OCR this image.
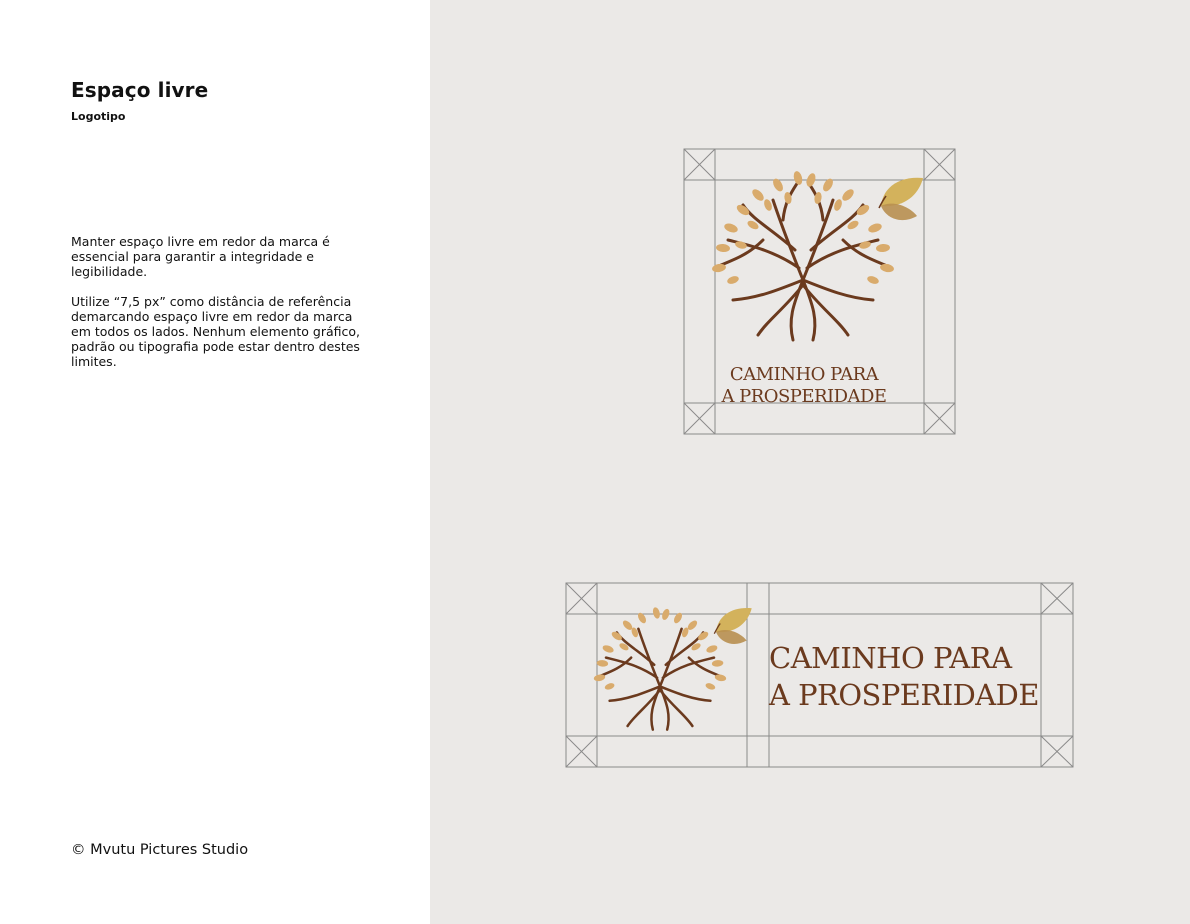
Espaço livre
Logotipo
Manter espaço livre em redor da marca é essencial para garantir a integridade e legibilidade.
Utilize “7,5 px” como distância de referência demarcando espaço livre em redor da marca em todos os lados. Nenhum elemento gráfico, padrão ou tipografia pode estar dentro destes limites.
© Mvutu Pictures Studio
CAMINHO PARA
A PROSPERIDADE
CAMINHO PARA
A PROSPERIDADE
